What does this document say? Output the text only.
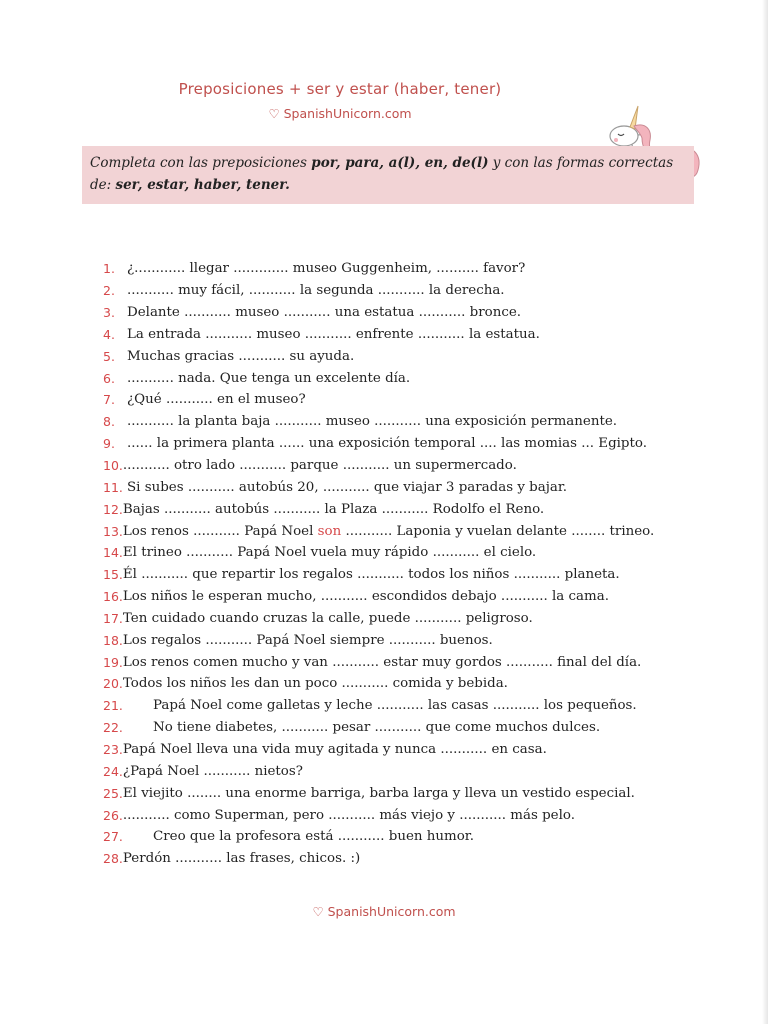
Preposiciones + ser y estar (haber, tener)
♡ SpanishUnicorn.com
Completa con las preposiciones por, para, a(l), en, de(l) y con las formas correctas de: ser, estar, haber, tener.
1. ¿............ llegar ............. museo Guggenheim, .......... favor?
2. ........... muy fácil, ........... la segunda ........... la derecha.
3. Delante ........... museo ........... una estatua ........... bronce.
4. La entrada ........... museo ........... enfrente ........... la estatua.
5. Muchas gracias ........... su ayuda.
6. ........... nada. Que tenga un excelente día.
7. ¿Qué ........... en el museo?
8. ........... la planta baja ........... museo ........... una exposición permanente.
9. ...... la primera planta ...... una exposición temporal .... las momias ... Egipto.
10. ........... otro lado ........... parque ........... un supermercado.
11. Si subes ........... autobús 20, ........... que viajar 3 paradas y bajar.
12. Bajas ........... autobús ........... la Plaza ........... Rodolfo el Reno.
13. Los renos ........... Papá Noel son ........... Laponia y vuelan delante ........ trineo.
14. El trineo ........... Papá Noel vuela muy rápido ........... el cielo.
15. Él ........... que repartir los regalos ........... todos los niños ........... planeta.
16. Los niños le esperan mucho, ........... escondidos debajo ........... la cama.
17. Ten cuidado cuando cruzas la calle, puede ........... peligroso.
18. Los regalos ........... Papá Noel siempre ........... buenos.
19. Los renos comen mucho y van ........... estar muy gordos ........... final del día.
20. Todos los niños les dan un poco ........... comida y bebida.
21.	Papá Noel come galletas y leche ........... las casas ........... los pequeños.
22.	No tiene diabetes, ........... pesar ........... que come muchos dulces.
23. Papá Noel lleva una vida muy agitada y nunca ........... en casa.
24. ¿Papá Noel ........... nietos?
25. El viejito ........ una enorme barriga, barba larga y lleva un vestido especial.
26. ........... como Superman, pero ........... más viejo y ........... más pelo.
27.	Creo que la profesora está ........... buen humor.
28. Perdón ........... las frases, chicos. :)
♡ SpanishUnicorn.com
